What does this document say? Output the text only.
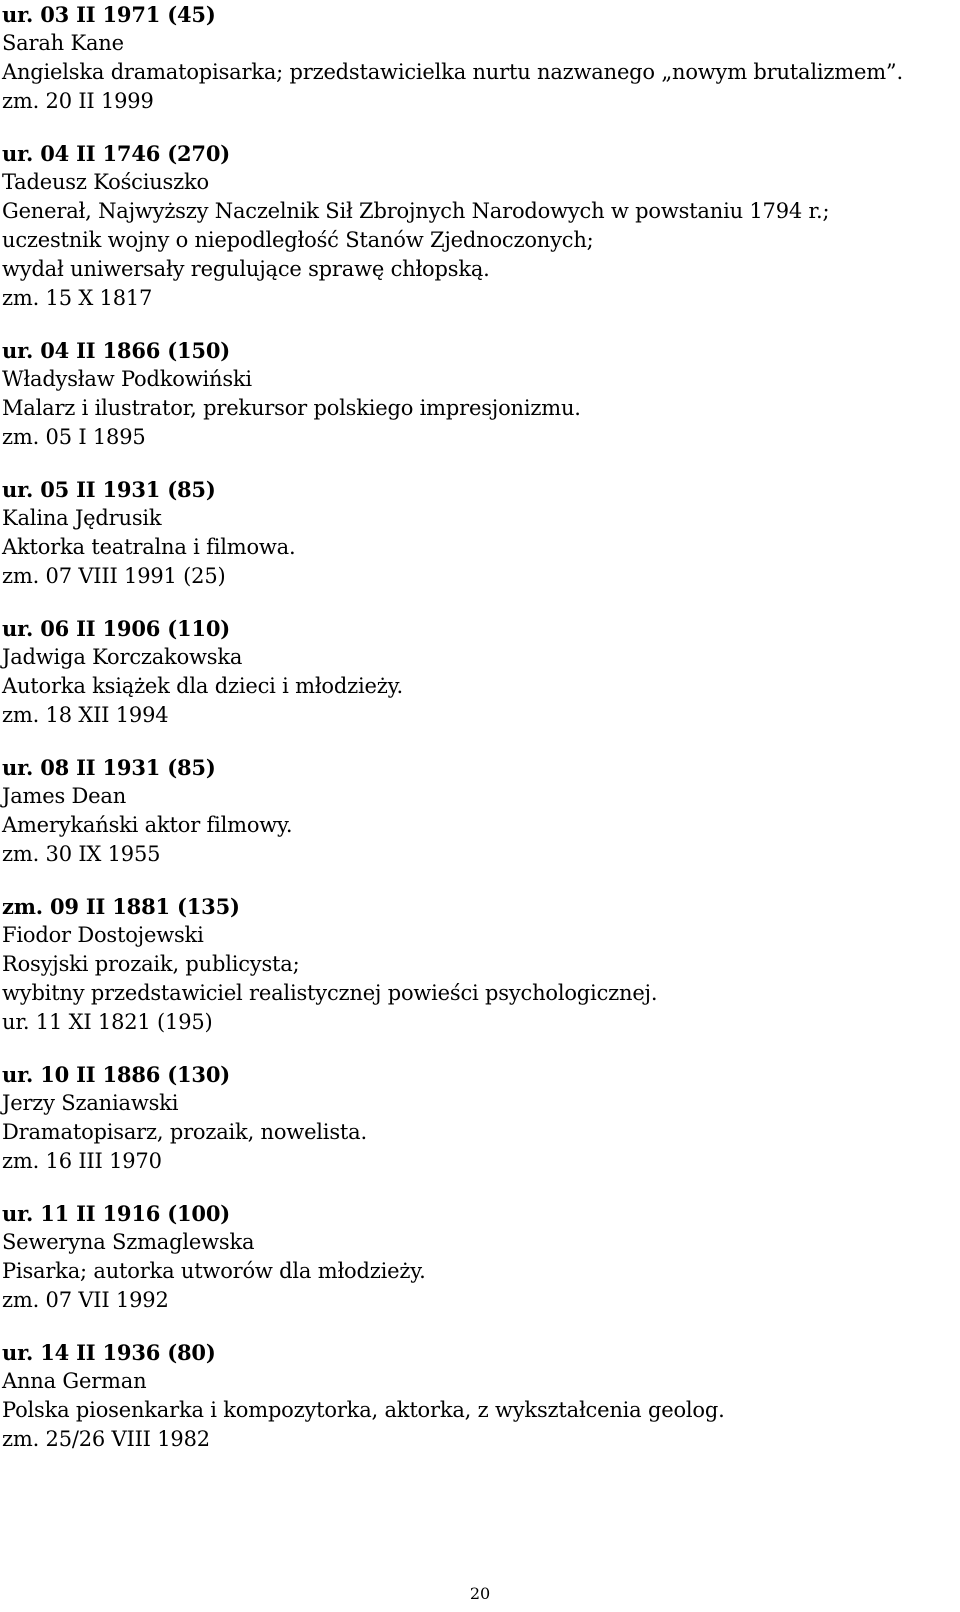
ur. 03 II 1971 (45)
Sarah Kane
Angielska dramatopisarka; przedstawicielka nurtu nazwanego „nowym brutalizmem”.
zm. 20 II 1999
ur. 04 II 1746 (270)
Tadeusz Kościuszko
Generał, Najwyższy Naczelnik Sił Zbrojnych Narodowych w powstaniu 1794 r.;
uczestnik wojny o niepodległość Stanów Zjednoczonych;
wydał uniwersały regulujące sprawę chłopską.
zm. 15 X 1817
ur. 04 II 1866 (150)
Władysław Podkowiński
Malarz i ilustrator, prekursor polskiego impresjonizmu.
zm. 05 I 1895
ur. 05 II 1931 (85)
Kalina Jędrusik
Aktorka teatralna i filmowa.
zm. 07 VIII 1991 (25)
ur. 06 II 1906 (110)
Jadwiga Korczakowska
Autorka książek dla dzieci i młodzieży.
zm. 18 XII 1994
ur. 08 II 1931 (85)
James Dean
Amerykański aktor filmowy.
zm. 30 IX 1955
zm. 09 II 1881 (135)
Fiodor Dostojewski
Rosyjski prozaik, publicysta;
wybitny przedstawiciel realistycznej powieści psychologicznej.
ur. 11 XI 1821 (195)
ur. 10 II 1886 (130)
Jerzy Szaniawski
Dramatopisarz, prozaik, nowelista.
zm. 16 III 1970
ur. 11 II 1916 (100)
Seweryna Szmaglewska
Pisarka; autorka utworów dla młodzieży.
zm. 07 VII 1992
ur. 14 II 1936 (80)
Anna German
Polska piosenkarka i kompozytorka, aktorka, z wykształcenia geolog.
zm. 25/26 VIII 1982
20
